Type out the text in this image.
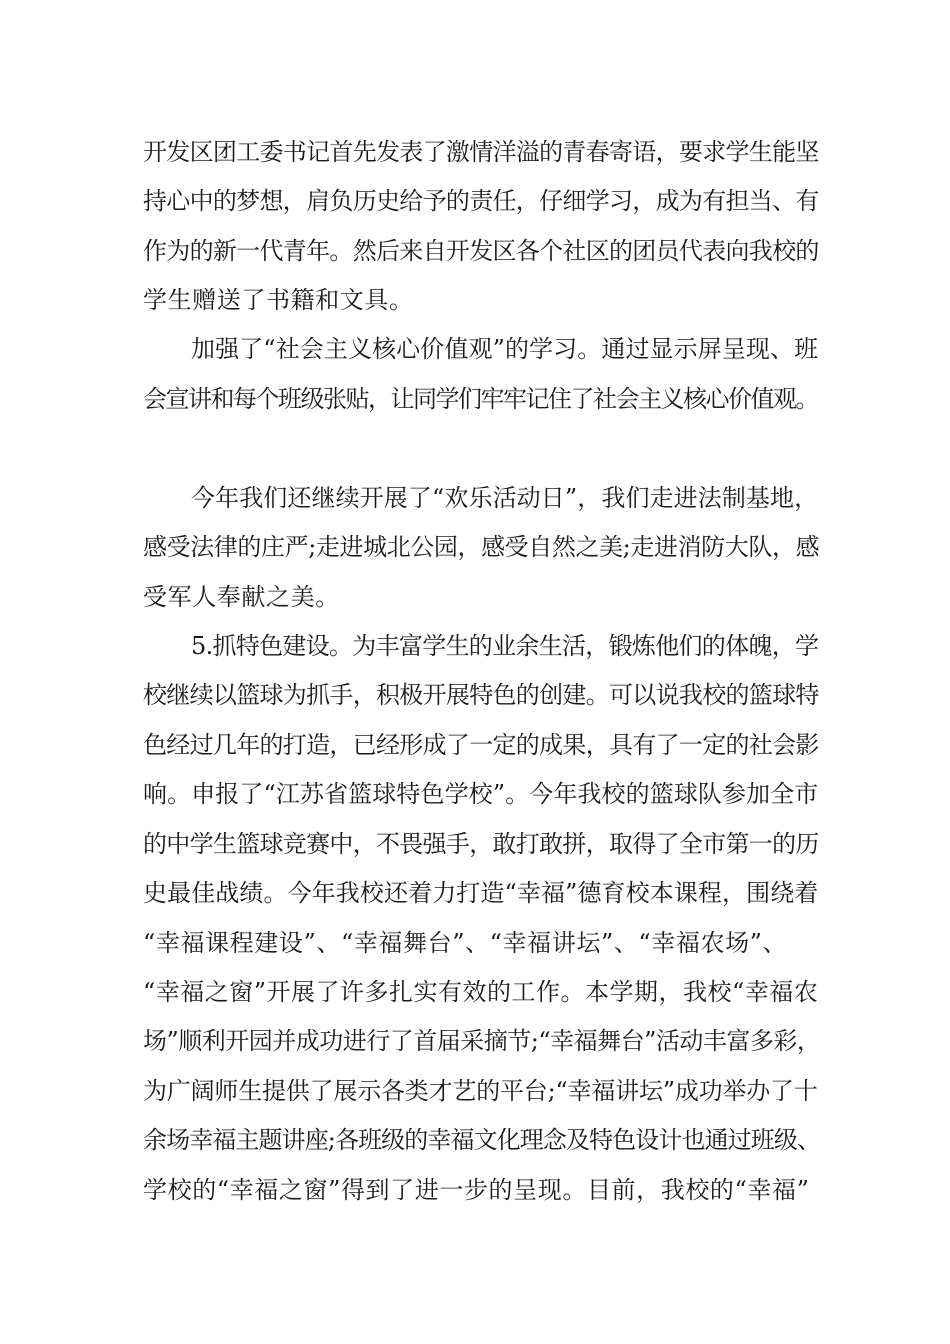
开发区团工委书记首先发表了激情洋溢的青春寄语，要求学生能坚
持心中的梦想，肩负历史给予的责任，仔细学习，成为有担当、有
作为的新一代青年。然后来自开发区各个社区的团员代表向我校的
学生赠送了书籍和文具。
加强了“社会主义核心价值观”的学习。通过显示屏呈现、班
会宣讲和每个班级张贴，让同学们牢牢记住了社会主义核心价值观。
今年我们还继续开展了“欢乐活动日”，我们走进法制基地，
感受法律的庄严;走进城北公园，感受自然之美;走进消防大队，感
受军人奉献之美。
5.抓特色建设。为丰富学生的业余生活，锻炼他们的体魄，学
校继续以篮球为抓手，积极开展特色的创建。可以说我校的篮球特
色经过几年的打造，已经形成了一定的成果，具有了一定的社会影
响。申报了“江苏省篮球特色学校”。今年我校的篮球队参加全市
的中学生篮球竞赛中，不畏强手，敢打敢拼，取得了全市第一的历
史最佳战绩。今年我校还着力打造“幸福”德育校本课程，围绕着
“幸福课程建设”、“幸福舞台”、“幸福讲坛”、“幸福农场”、
“幸福之窗”开展了许多扎实有效的工作。本学期，我校“幸福农
场”顺利开园并成功进行了首届采摘节;“幸福舞台”活动丰富多彩，
为广阔师生提供了展示各类才艺的平台;“幸福讲坛”成功举办了十
余场幸福主题讲座;各班级的幸福文化理念及特色设计也通过班级、
学校的“幸福之窗”得到了进一步的呈现。目前，我校的“幸福”
